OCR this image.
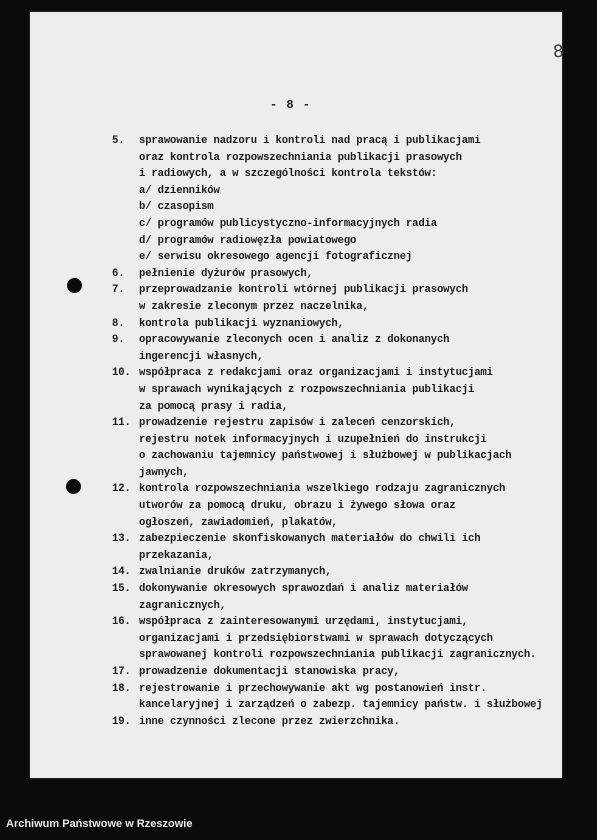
8
- 8 -
5. sprawowanie nadzoru i kontroli nad pracą i publikacjami
oraz kontrola rozpowszechniania publikacji prasowych
i radiowych, a w szczególności kontrola tekstów:
a/ dzienników
b/ czasopism
c/ programów publicystyczno-informacyjnych radia
d/ programów radiowęzła powiatowego
e/ serwisu okresowego agencji fotograficznej
6. pełnienie dyżurów prasowych,
7. przeprowadzanie kontroli wtórnej publikacji prasowych
w zakresie zleconym przez naczelnika,
8. kontrola publikacji wyznaniowych,
9. opracowywanie zleconych ocen i analiz z dokonanych
ingerencji własnych,
10. współpraca z redakcjami oraz organizacjami i instytucjami
w sprawach wynikających z rozpowszechniania publikacji
za pomocą prasy i radia,
11. prowadzenie rejestru zapisów i zaleceń cenzorskich,
rejestru notek informacyjnych i uzupełnień do instrukcji
o zachowaniu tajemnicy państwowej i służbowej w publikacjach
jawnych,
12. kontrola rozpowszechniania wszelkiego rodzaju zagranicznych
utworów za pomocą druku, obrazu i żywego słowa oraz
ogłoszeń, zawiadomień, plakatów,
13. zabezpieczenie skonfiskowanych materiałów do chwili ich
przekazania,
14. zwalnianie druków zatrzymanych,
15. dokonywanie okresowych sprawozdań i analiz materiałów
zagranicznych,
16. współpraca z zainteresowanymi urzędami, instytucjami,
organizacjami i przedsiębiorstwami w sprawach dotyczących
sprawowanej kontroli rozpowszechniania publikacji zagranicznych.
17. prowadzenie dokumentacji stanowiska pracy,
18. rejestrowanie i przechowywanie akt wg postanowień instr.
kancelaryjnej i zarządzeń o zabezp. tajemnicy państw. i służbowej
19. inne czynności zlecone przez zwierzchnika.
Archiwum Państwowe w Rzeszowie
